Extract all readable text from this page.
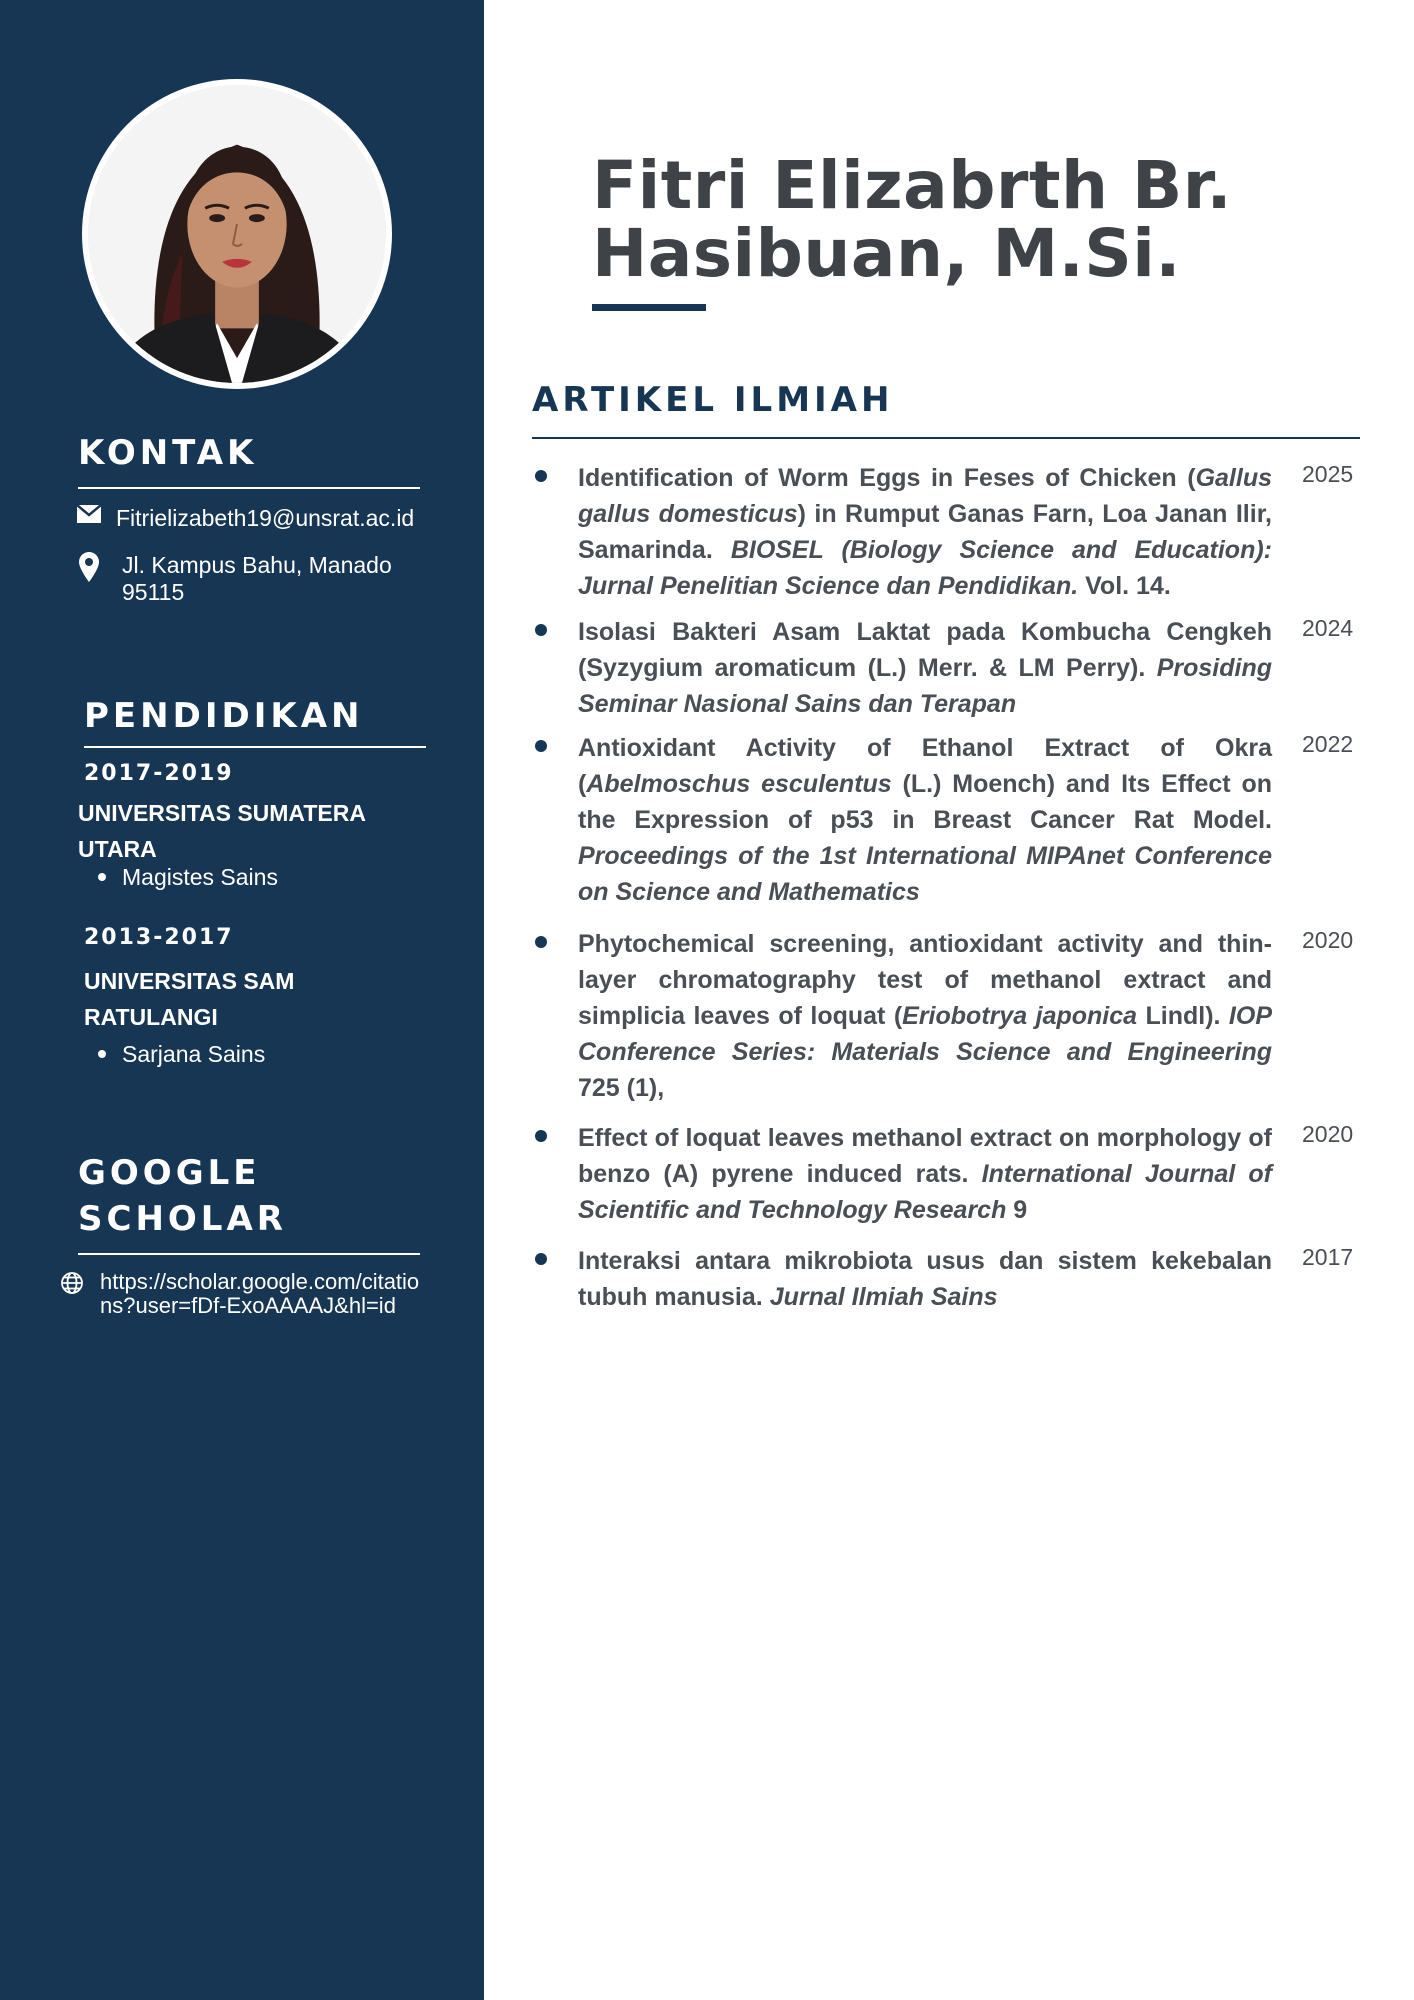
KONTAK
Fitrielizabeth19@unsrat.ac.id
Jl. Kampus Bahu, Manado
95115
PENDIDIKAN
2017-2019
UNIVERSITAS SUMATERA
UTARA
Magistes Sains
2013-2017
UNIVERSITAS SAM
RATULANGI
Sarjana Sains
GOOGLE
SCHOLAR
https://scholar.google.com/citations?user=fDf-ExoAAAAJ&hl=id
Fitri Elizabrth Br. Hasibuan, M.Si.
ARTIKEL ILMIAH
Identification of Worm Eggs in Feses of Chicken (Gallus gallus domesticus) in Rumput Ganas Farn, Loa Janan Ilir, Samarinda. BIOSEL (Biology Science and Education): Jurnal Penelitian Science dan Pendidikan. Vol. 14.
2025
Isolasi Bakteri Asam Laktat pada Kombucha Cengkeh (Syzygium aromaticum (L.) Merr. & LM Perry). Prosiding Seminar Nasional Sains dan Terapan
2024
Antioxidant Activity of Ethanol Extract of Okra (Abelmoschus esculentus (L.) Moench) and Its Effect on the Expression of p53 in Breast Cancer Rat Model. Proceedings of the 1st International MIPAnet Conference on Science and Mathematics
2022
Phytochemical screening, antioxidant activity and thin-layer chromatography test of methanol extract and simplicia leaves of loquat (Eriobotrya japonica Lindl). IOP Conference Series: Materials Science and Engineering 725 (1),
2020
Effect of loquat leaves methanol extract on morphology of benzo (A) pyrene induced rats. International Journal of Scientific and Technology Research 9
2020
Interaksi antara mikrobiota usus dan sistem kekebalan tubuh manusia. Jurnal Ilmiah Sains
2017
